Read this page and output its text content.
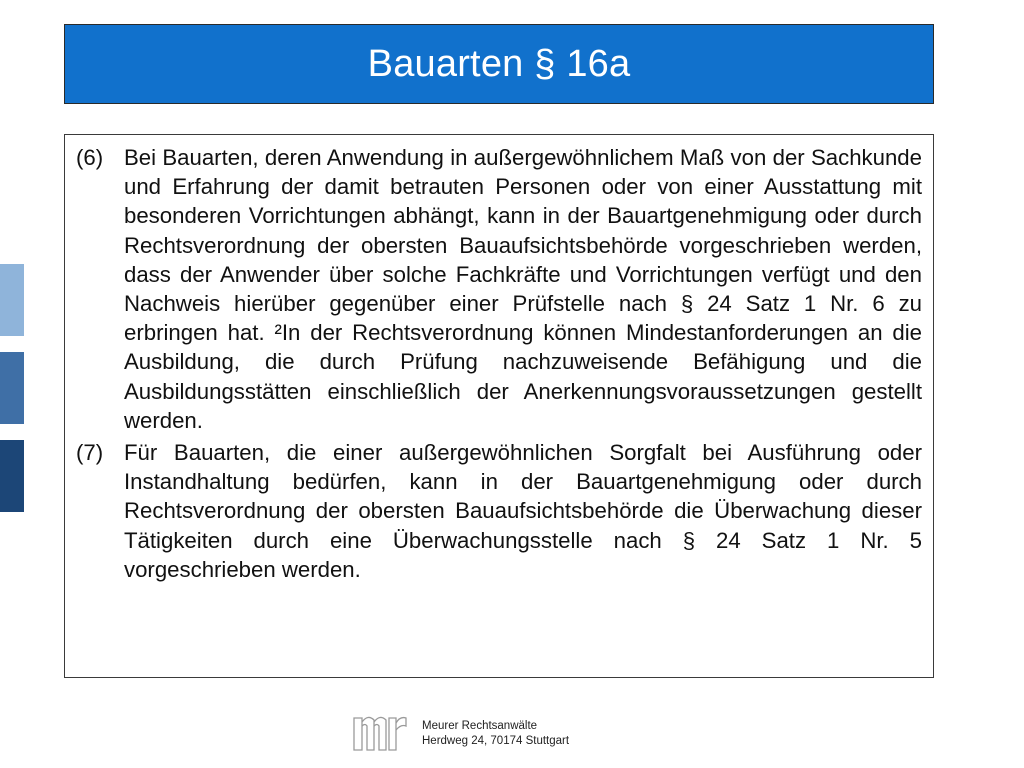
Bauarten § 16a
(6) Bei Bauarten, deren Anwendung in außergewöhnlichem Maß von der Sachkunde und Erfahrung der damit betrauten Personen oder von einer Ausstattung mit besonderen Vorrichtungen abhängt, kann in der Bauartgenehmigung oder durch Rechtsverordnung der obersten Bauaufsichtsbehörde vorgeschrieben werden, dass der Anwender über solche Fachkräfte und Vorrichtungen verfügt und den Nachweis hierüber gegenüber einer Prüfstelle nach § 24 Satz 1 Nr. 6 zu erbringen hat. ²In der Rechtsverordnung können Mindestanforderungen an die Ausbildung, die durch Prüfung nachzuweisende Befähigung und die Ausbildungsstätten einschließlich der Anerkennungsvoraussetzungen gestellt werden.
(7) Für Bauarten, die einer außergewöhnlichen Sorgfalt bei Ausführung oder Instandhaltung bedürfen, kann in der Bauartgenehmigung oder durch Rechtsverordnung der obersten Bauaufsichtsbehörde die Überwachung dieser Tätigkeiten durch eine Überwachungsstelle nach § 24 Satz 1 Nr. 5 vorgeschrieben werden.
Meurer Rechtsanwälte
Herdweg 24, 70174 Stuttgart
